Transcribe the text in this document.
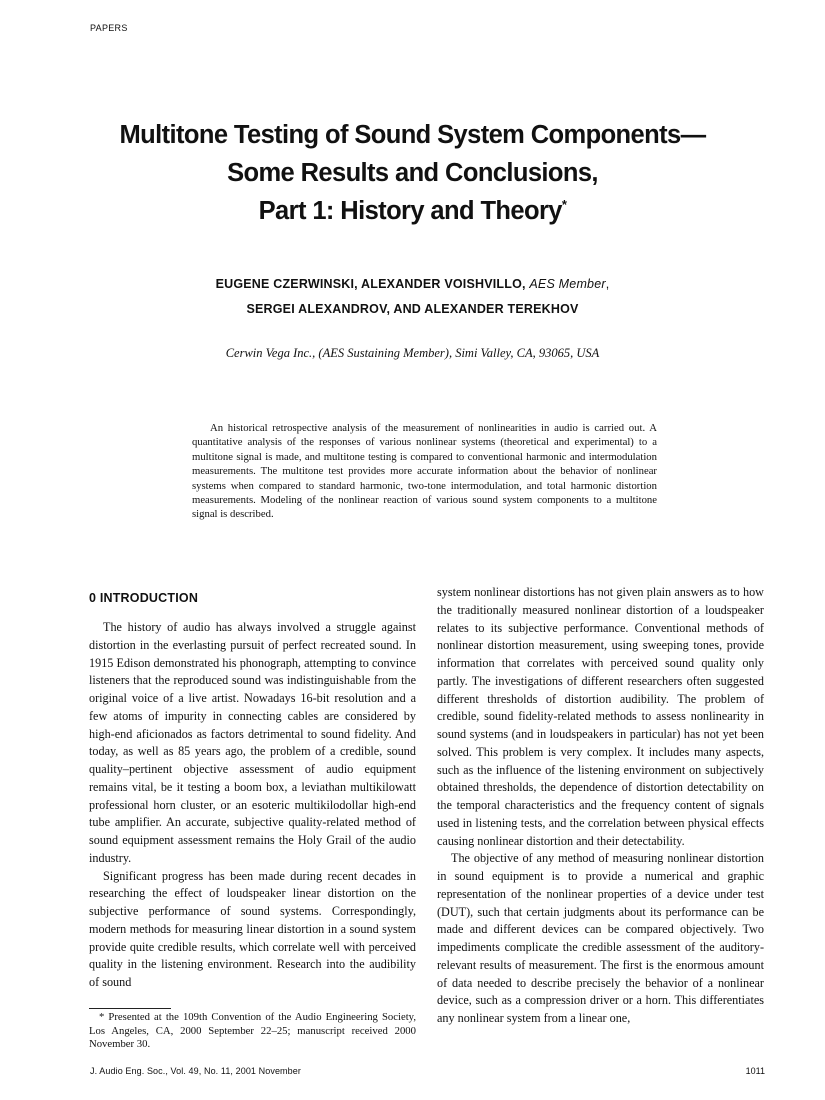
PAPERS
Multitone Testing of Sound System Components—
Some Results and Conclusions,
Part 1: History and Theory*
EUGENE CZERWINSKI, ALEXANDER VOISHVILLO, AES Member,
SERGEI ALEXANDROV, AND ALEXANDER TEREKHOV
Cerwin Vega Inc., (AES Sustaining Member), Simi Valley, CA, 93065, USA

An historical retrospective analysis of the measurement of nonlinearities in audio is carried out. A quantitative analysis of the responses of various nonlinear systems (theoretical and experimental) to a multitone signal is made, and multitone testing is compared to conventional harmonic and intermodulation measurements. The multitone test provides more accurate information about the behavior of nonlinear systems when compared to standard harmonic, two-tone intermodulation, and total harmonic distortion measurements. Modeling of the nonlinear reaction of various sound system components to a multitone signal is described.

0 INTRODUCTION

The history of audio has always involved a struggle against distortion in the everlasting pursuit of perfect recreated sound. In 1915 Edison demonstrated his phonograph, attempting to convince listeners that the reproduced sound was indistinguishable from the original voice of a live artist. Nowadays 16-bit resolution and a few atoms of impurity in connecting cables are considered by high-end aficionados as factors detrimental to sound fidelity. And today, as well as 85 years ago, the problem of a credible, sound quality–pertinent objective assessment of audio equipment remains vital, be it testing a boom box, a leviathan multikilowatt professional horn cluster, or an esoteric multikilodollar high-end tube amplifier. An accurate, subjective quality-related method of sound equipment assessment remains the Holy Grail of the audio industry.

Significant progress has been made during recent decades in researching the effect of loudspeaker linear distortion on the subjective performance of sound systems. Correspondingly, modern methods for measuring linear distortion in a sound system provide quite credible results, which correlate well with perceived quality in the listening environment. Research into the audibility of sound

system nonlinear distortions has not given plain answers as to how the traditionally measured nonlinear distortion of a loudspeaker relates to its subjective performance. Conventional methods of nonlinear distortion measurement, using sweeping tones, provide information that correlates with perceived sound quality only partly. The investigations of different researchers often suggested different thresholds of distortion audibility. The problem of credible, sound fidelity-related methods to assess nonlinearity in sound systems (and in loudspeakers in particular) has not yet been solved. This problem is very complex. It includes many aspects, such as the influence of the listening environment on subjectively obtained thresholds, the dependence of distortion detectability on the temporal characteristics and the frequency content of signals used in listening tests, and the correlation between physical effects causing nonlinear distortion and their detectability.

The objective of any method of measuring nonlinear distortion in sound equipment is to provide a numerical and graphic representation of the nonlinear properties of a device under test (DUT), such that certain judgments about its performance can be made and different devices can be compared objectively. Two impediments complicate the credible assessment of the auditory-relevant results of measurement. The first is the enormous amount of data needed to describe precisely the behavior of a nonlinear device, such as a compression driver or a horn. This differentiates any nonlinear system from a linear one,

* Presented at the 109th Convention of the Audio Engineering Society, Los Angeles, CA, 2000 September 22–25; manuscript received 2000 November 30.

J. Audio Eng. Soc., Vol. 49, No. 11, 2001 November	1011
